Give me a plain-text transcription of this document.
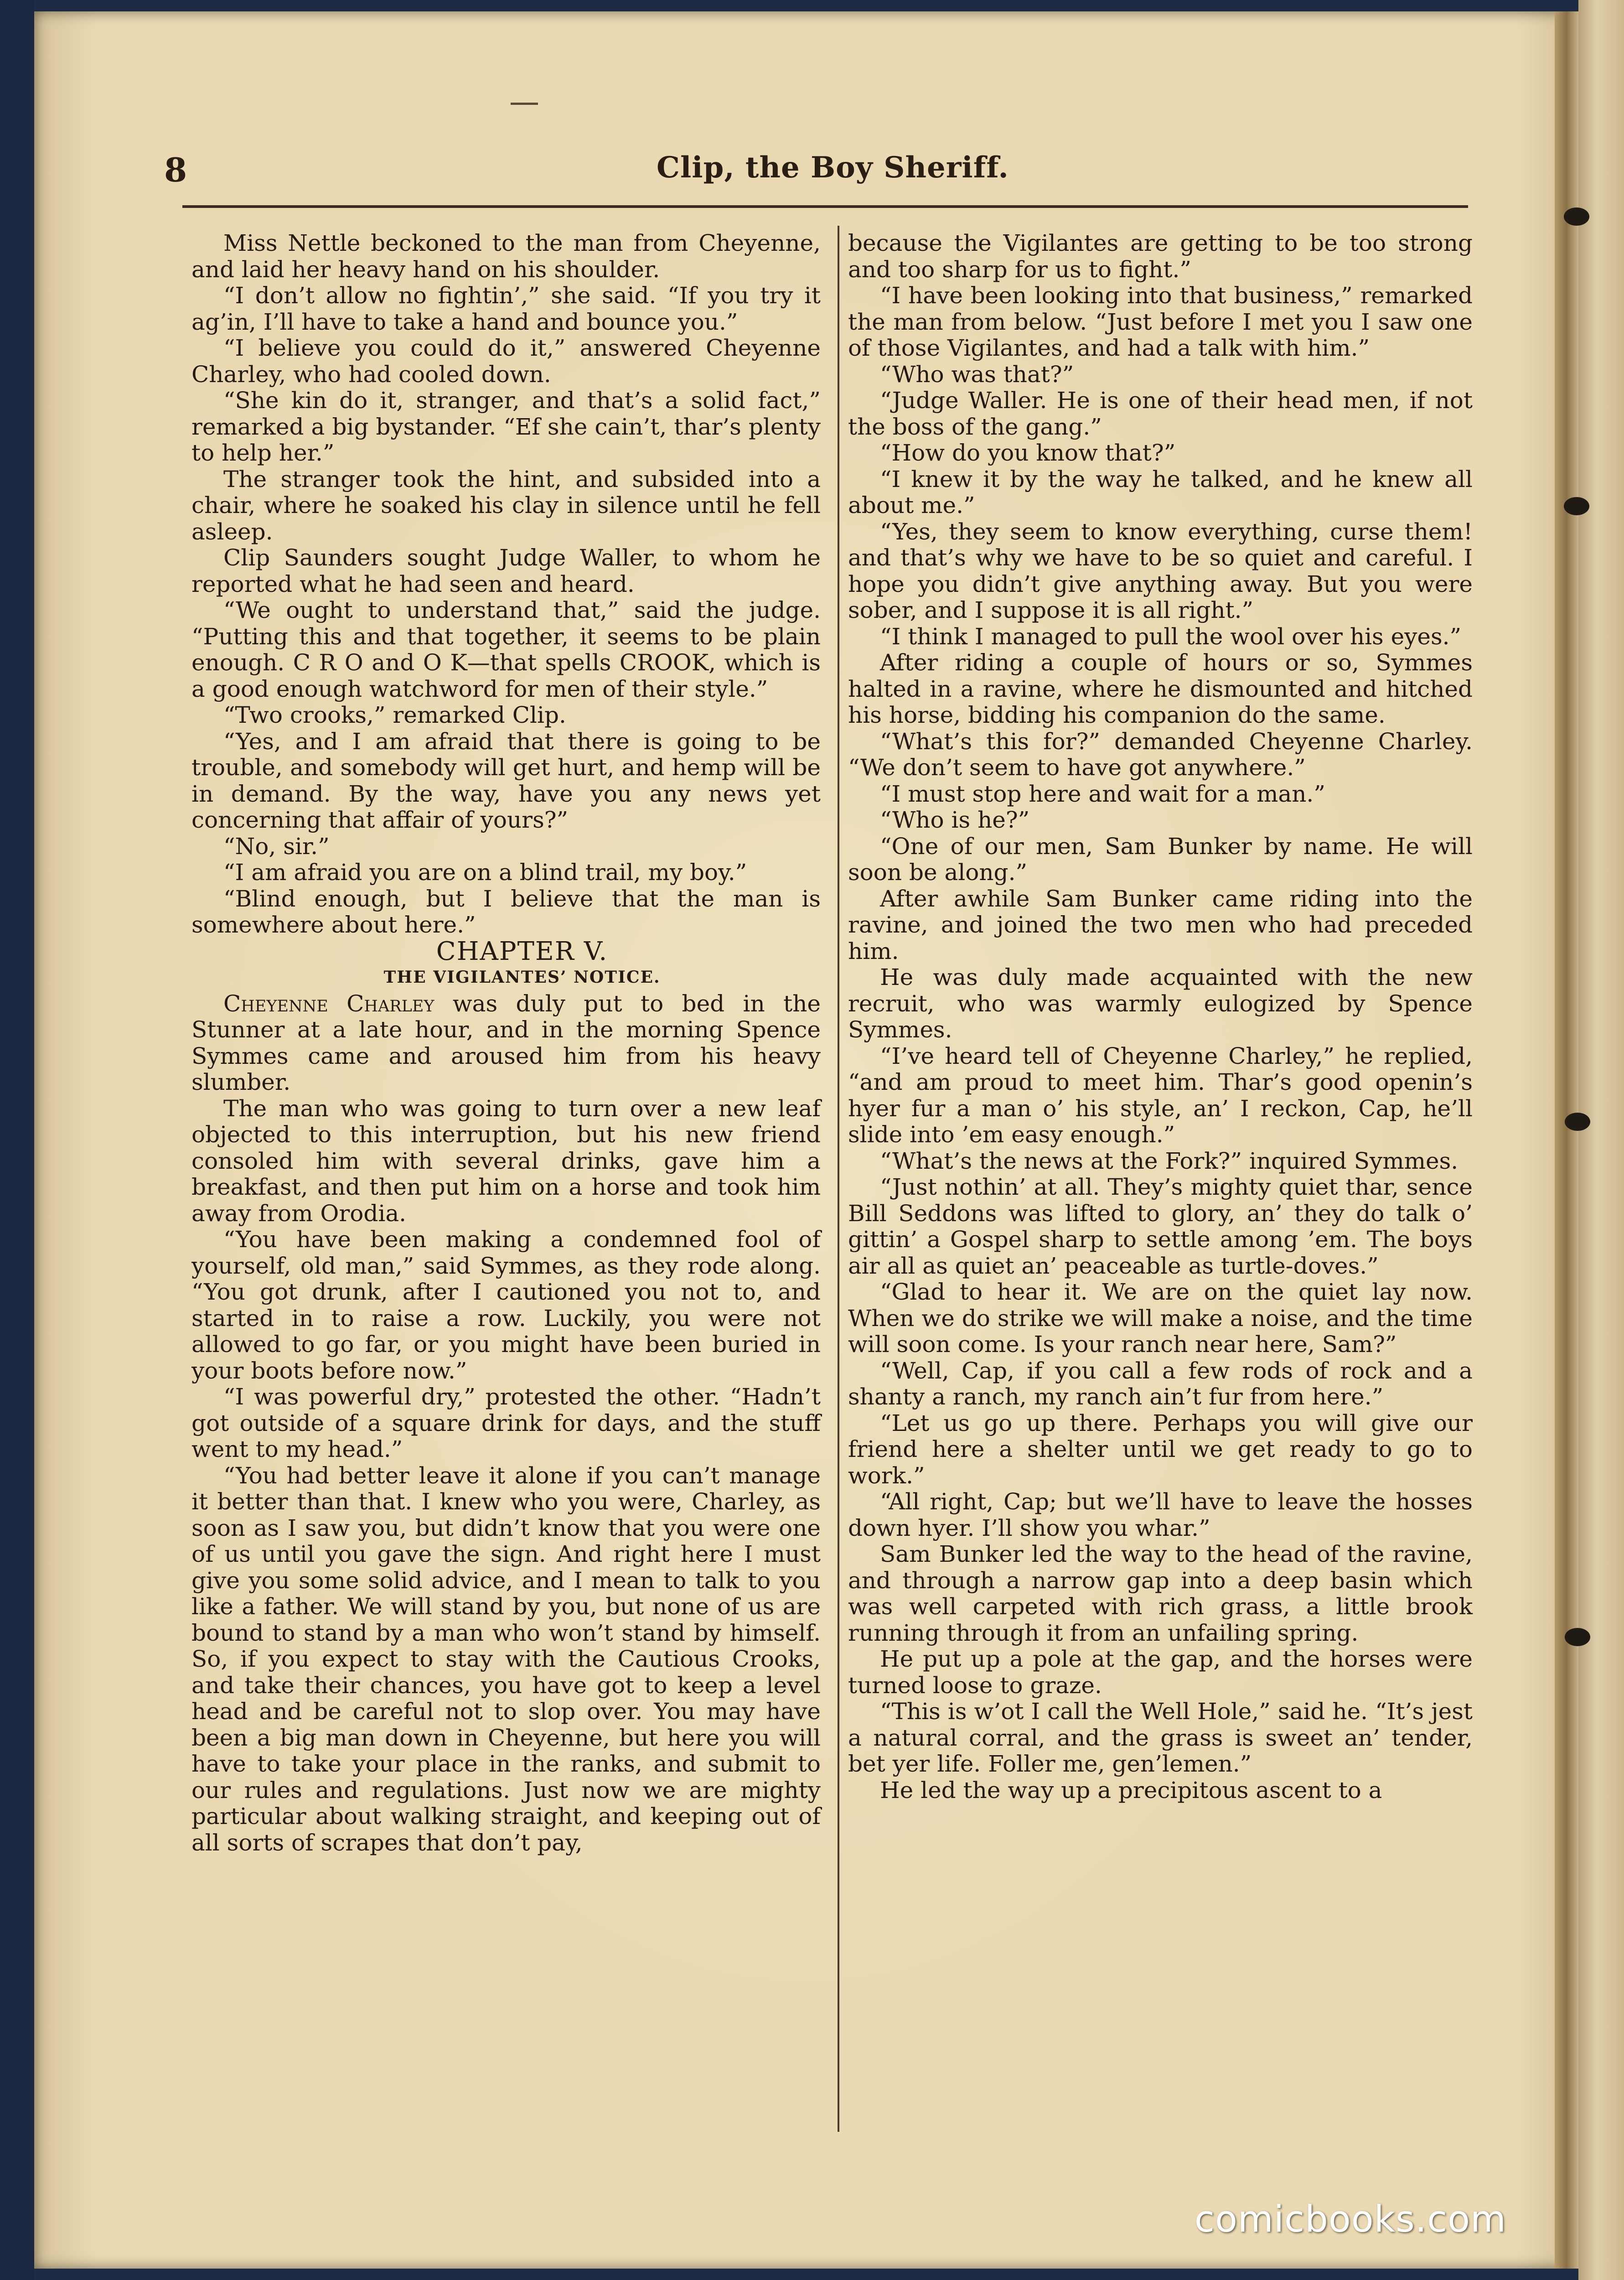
8	Clip, the Boy Sheriff.

Miss Nettle beckoned to the man from Cheyenne, and laid her heavy hand on his shoulder.

“I don’t allow no fightin’,” she said. “If you try it ag’in, I’ll have to take a hand and bounce you.”

“I believe you could do it,” answered Cheyenne Charley, who had cooled down.

“She kin do it, stranger, and that’s a solid fact,” remarked a big bystander. “Ef she cain’t, thar’s plenty to help her.”

The stranger took the hint, and subsided into a chair, where he soaked his clay in silence until he fell asleep.

Clip Saunders sought Judge Waller, to whom he reported what he had seen and heard.

“We ought to understand that,” said the judge. “Putting this and that together, it seems to be plain enough. C R O and O K—that spells CROOK, which is a good enough watchword for men of their style.”

“Two crooks,” remarked Clip.

“Yes, and I am afraid that there is going to be trouble, and somebody will get hurt, and hemp will be in demand. By the way, have you any news yet concerning that affair of yours?”

“No, sir.”

“I am afraid you are on a blind trail, my boy.”

“Blind enough, but I believe that the man is somewhere about here.”

CHAPTER V.

THE VIGILANTES’ NOTICE.

Cheyenne Charley was duly put to bed in the Stunner at a late hour, and in the morning Spence Symmes came and aroused him from his heavy slumber.

The man who was going to turn over a new leaf objected to this interruption, but his new friend consoled him with several drinks, gave him a breakfast, and then put him on a horse and took him away from Orodia.

“You have been making a condemned fool of yourself, old man,” said Symmes, as they rode along. “You got drunk, after I cautioned you not to, and started in to raise a row. Luckily, you were not allowed to go far, or you might have been buried in your boots before now.”

“I was powerful dry,” protested the other. “Hadn’t got outside of a square drink for days, and the stuff went to my head.”

“You had better leave it alone if you can’t manage it better than that. I knew who you were, Charley, as soon as I saw you, but didn’t know that you were one of us until you gave the sign. And right here I must give you some solid advice, and I mean to talk to you like a father. We will stand by you, but none of us are bound to stand by a man who won’t stand by himself. So, if you expect to stay with the Cautious Crooks, and take their chances, you have got to keep a level head and be careful not to slop over. You may have been a big man down in Cheyenne, but here you will have to take your place in the ranks, and submit to our rules and regulations. Just now we are mighty particular about walking straight, and keeping out of all sorts of scrapes that don’t pay,

because the Vigilantes are getting to be too strong and too sharp for us to fight.”

“I have been looking into that business,” remarked the man from below. “Just before I met you I saw one of those Vigilantes, and had a talk with him.”

“Who was that?”

“Judge Waller. He is one of their head men, if not the boss of the gang.”

“How do you know that?”

“I knew it by the way he talked, and he knew all about me.”

“Yes, they seem to know everything, curse them! and that’s why we have to be so quiet and careful. I hope you didn’t give anything away. But you were sober, and I suppose it is all right.”

“I think I managed to pull the wool over his eyes.”

After riding a couple of hours or so, Symmes halted in a ravine, where he dismounted and hitched his horse, bidding his companion do the same.

“What’s this for?” demanded Cheyenne Charley. “We don’t seem to have got anywhere.”

“I must stop here and wait for a man.”

“Who is he?”

“One of our men, Sam Bunker by name. He will soon be along.”

After awhile Sam Bunker came riding into the ravine, and joined the two men who had preceded him.

He was duly made acquainted with the new recruit, who was warmly eulogized by Spence Symmes.

“I’ve heard tell of Cheyenne Charley,” he replied, “and am proud to meet him. Thar’s good openin’s hyer fur a man o’ his style, an’ I reckon, Cap, he’ll slide into ’em easy enough.”

“What’s the news at the Fork?” inquired Symmes.

“Just nothin’ at all. They’s mighty quiet thar, sence Bill Seddons was lifted to glory, an’ they do talk o’ gittin’ a Gospel sharp to settle among ’em. The boys air all as quiet an’ peaceable as turtle-doves.”

“Glad to hear it. We are on the quiet lay now. When we do strike we will make a noise, and the time will soon come. Is your ranch near here, Sam?”

“Well, Cap, if you call a few rods of rock and a shanty a ranch, my ranch ain’t fur from here.”

“Let us go up there. Perhaps you will give our friend here a shelter until we get ready to go to work.”

“All right, Cap; but we’ll have to leave the hosses down hyer. I’ll show you whar.”

Sam Bunker led the way to the head of the ravine, and through a narrow gap into a deep basin which was well carpeted with rich grass, a little brook running through it from an unfailing spring.

He put up a pole at the gap, and the horses were turned loose to graze.

“This is w’ot I call the Well Hole,” said he. “It’s jest a natural corral, and the grass is sweet an’ tender, bet yer life. Foller me, gen’lemen.”

He led the way up a precipitous ascent to a

comicbooks.com
